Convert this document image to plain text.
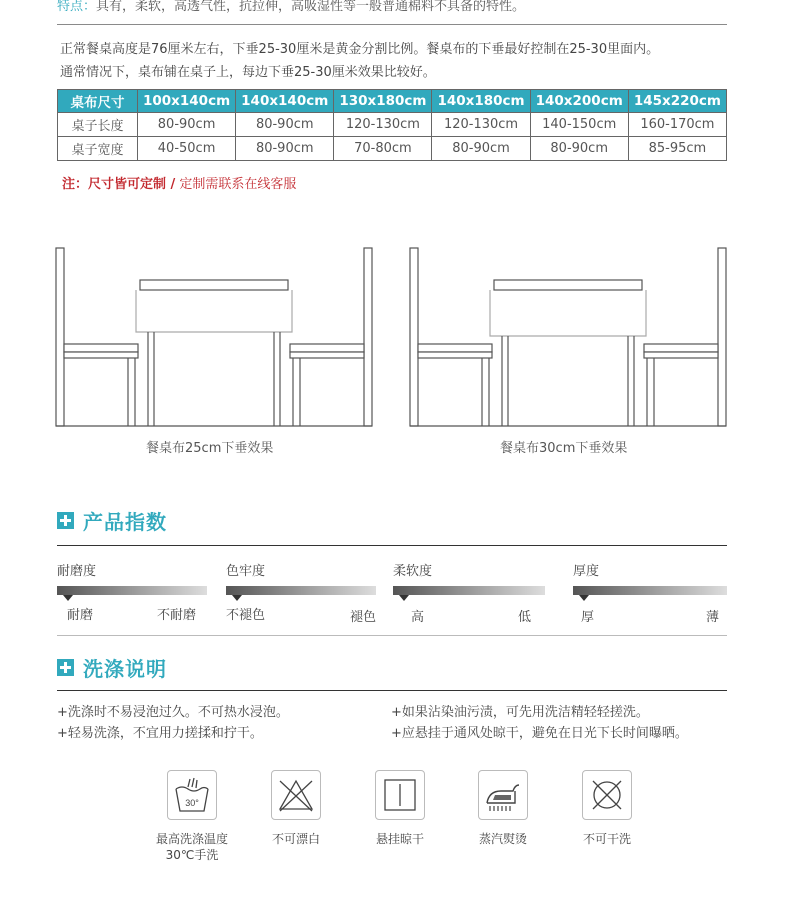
特点：具有，柔软，高透气性，抗拉伸，高吸湿性等一般普通棉料不具备的特性。
正常餐桌高度是76厘米左右，下垂25-30厘米是黄金分割比例。餐桌布的下垂最好控制在25-30里面内。
通常情况下，桌布铺在桌子上，每边下垂25-30厘米效果比较好。
桌布尺寸	100x140cm	140x140cm	130x180cm	140x180cm	140x200cm	145x220cm
桌子长度	80-90cm	80-90cm	120-130cm	120-130cm	140-150cm	160-170cm
桌子宽度	40-50cm	80-90cm	70-80cm	80-90cm	80-90cm	85-95cm
注：尺寸皆可定制 / 定制需联系在线客服
餐桌布25cm下垂效果	餐桌布30cm下垂效果
产品指数
耐磨度
耐磨	不耐磨
色牢度
不褪色	褪色
柔软度
高	低
厚度
厚	薄
洗涤说明
+洗涤时不易浸泡过久。不可热水浸泡。
+轻易洗涤，不宜用力搓揉和拧干。
+如果沾染油污渍，可先用洗洁精轻轻搓洗。
+应悬挂于通风处晾干，避免在日光下长时间曝晒。
30°
最高洗涤温度
30℃手洗
不可漂白	悬挂晾干	蒸汽熨烫	不可干洗
